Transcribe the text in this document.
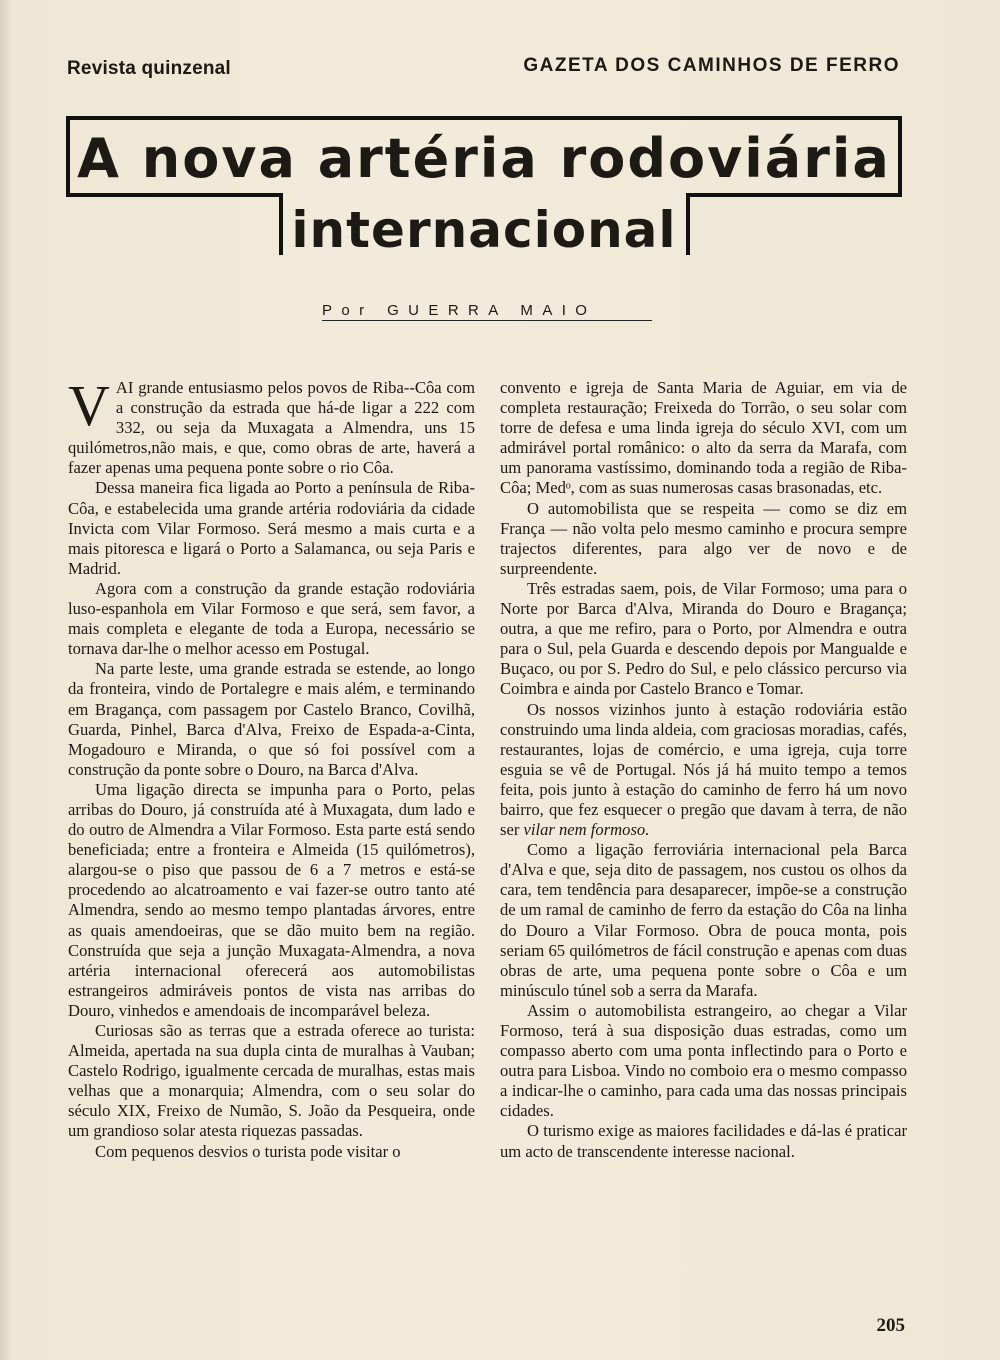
Revista quinzenal	GAZETA DOS CAMINHOS DE FERRO
A nova artéria rodoviária
internacional
Por GUERRA MAIO

VAI grande entusiasmo pelos povos de Riba--Côa com a construção da estrada que há-de ligar a 222 com 332, ou seja da Muxagata a Almendra, uns 15 quilómetros,não mais, e que, como obras de arte, haverá a fazer apenas uma pequena ponte sobre o rio Côa.

Dessa maneira fica ligada ao Porto a península de Riba-Côa, e estabelecida uma grande artéria rodoviária da cidade Invicta com Vilar Formoso. Será mesmo a mais curta e a mais pitoresca e ligará o Porto a Salamanca, ou seja Paris e Madrid.

Agora com a construção da grande estação rodoviária luso-espanhola em Vilar Formoso e que será, sem favor, a mais completa e elegante de toda a Europa, necessário se tornava dar-lhe o melhor acesso em Postugal.

Na parte leste, uma grande estrada se estende, ao longo da fronteira, vindo de Portalegre e mais além, e terminando em Bragança, com passagem por Castelo Branco, Covilhã, Guarda, Pinhel, Barca d'Alva, Freixo de Espada-a-Cinta, Mogadouro e Miranda, o que só foi possível com a construção da ponte sobre o Douro, na Barca d'Alva.

Uma ligação directa se impunha para o Porto, pelas arribas do Douro, já construída até à Muxagata, dum lado e do outro de Almendra a Vilar Formoso. Esta parte está sendo beneficiada; entre a fronteira e Almeida (15 quilómetros), alargou-se o piso que passou de 6 a 7 metros e está-se procedendo ao alcatroamento e vai fazer-se outro tanto até Almendra, sendo ao mesmo tempo plantadas árvores, entre as quais amendoeiras, que se dão muito bem na região. Construída que seja a junção Muxagata-Almendra, a nova artéria internacional oferecerá aos automobilistas estrangeiros admiráveis pontos de vista nas arribas do Douro, vinhedos e amendoais de incomparável beleza.

Curiosas são as terras que a estrada oferece ao turista: Almeida, apertada na sua dupla cinta de muralhas à Vauban; Castelo Rodrigo, igualmente cercada de muralhas, estas mais velhas que a monarquia; Almendra, com o seu solar do século XIX, Freixo de Numão, S. João da Pesqueira, onde um grandioso solar atesta riquezas passadas.

Com pequenos desvios o turista pode visitar o

convento e igreja de Santa Maria de Aguiar, em via de completa restauração; Freixeda do Torrão, o seu solar com torre de defesa e uma linda igreja do século XVI, com um admirável portal românico: o alto da serra da Marafa, com um panorama vastíssimo, dominando toda a região de Riba-Côa; Medᵒ, com as suas numerosas casas brasonadas, etc.

O automobilista que se respeita — como se diz em França — não volta pelo mesmo caminho e procura sempre trajectos diferentes, para algo ver de novo e de surpreendente.

Três estradas saem, pois, de Vilar Formoso; uma para o Norte por Barca d'Alva, Miranda do Douro e Bragança; outra, a que me refiro, para o Porto, por Almendra e outra para o Sul, pela Guarda e descendo depois por Mangualde e Buçaco, ou por S. Pedro do Sul, e pelo clássico percurso via Coimbra e ainda por Castelo Branco e Tomar.

Os nossos vizinhos junto à estação rodoviária estão construindo uma linda aldeia, com graciosas moradias, cafés, restaurantes, lojas de comércio, e uma igreja, cuja torre esguia se vê de Portugal. Nós já há muito tempo a temos feita, pois junto à estação do caminho de ferro há um novo bairro, que fez esquecer o pregão que davam à terra, de não ser vilar nem formoso.

Como a ligação ferroviária internacional pela Barca d'Alva e que, seja dito de passagem, nos custou os olhos da cara, tem tendência para desaparecer, impõe-se a construção de um ramal de caminho de ferro da estação do Côa na linha do Douro a Vilar Formoso. Obra de pouca monta, pois seriam 65 quilómetros de fácil construção e apenas com duas obras de arte, uma pequena ponte sobre o Côa e um minúsculo túnel sob a serra da Marafa.

Assim o automobilista estrangeiro, ao chegar a Vilar Formoso, terá à sua disposição duas estradas, como um compasso aberto com uma ponta inflectindo para o Porto e outra para Lisboa. Vindo no comboio era o mesmo compasso a indicar-lhe o caminho, para cada uma das nossas principais cidades.

O turismo exige as maiores facilidades e dá-las é praticar um acto de transcendente interesse nacional.

205
